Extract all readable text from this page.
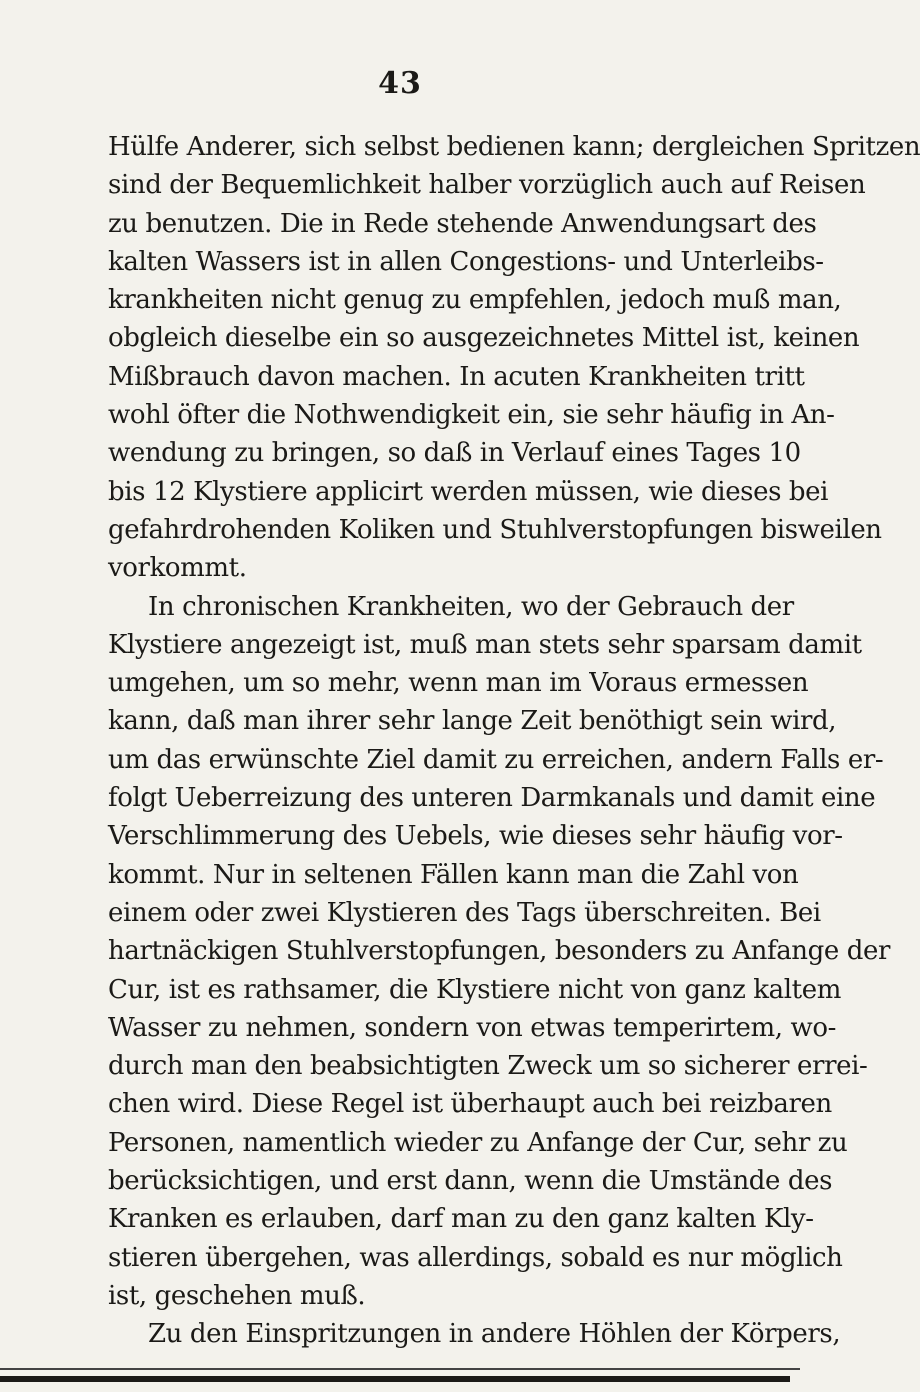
43
Hülfe Anderer, sich selbst bedienen kann; dergleichen Spritzen
sind der Bequemlichkeit halber vorzüglich auch auf Reisen
zu benutzen. Die in Rede stehende Anwendungsart des
kalten Wassers ist in allen Congestions- und Unterleibs-
krankheiten nicht genug zu empfehlen, jedoch muß man,
obgleich dieselbe ein so ausgezeichnetes Mittel ist, keinen
Mißbrauch davon machen. In acuten Krankheiten tritt
wohl öfter die Nothwendigkeit ein, sie sehr häufig in An-
wendung zu bringen, so daß in Verlauf eines Tages 10
bis 12 Klystiere applicirt werden müssen, wie dieses bei
gefahrdrohenden Koliken und Stuhlverstopfungen bisweilen
vorkommt.
In chronischen Krankheiten, wo der Gebrauch der
Klystiere angezeigt ist, muß man stets sehr sparsam damit
umgehen, um so mehr, wenn man im Voraus ermessen
kann, daß man ihrer sehr lange Zeit benöthigt sein wird,
um das erwünschte Ziel damit zu erreichen, andern Falls er-
folgt Ueberreizung des unteren Darmkanals und damit eine
Verschlimmerung des Uebels, wie dieses sehr häufig vor-
kommt. Nur in seltenen Fällen kann man die Zahl von
einem oder zwei Klystieren des Tags überschreiten. Bei
hartnäckigen Stuhlverstopfungen, besonders zu Anfange der
Cur, ist es rathsamer, die Klystiere nicht von ganz kaltem
Wasser zu nehmen, sondern von etwas temperirtem, wo-
durch man den beabsichtigten Zweck um so sicherer errei-
chen wird. Diese Regel ist überhaupt auch bei reizbaren
Personen, namentlich wieder zu Anfange der Cur, sehr zu
berücksichtigen, und erst dann, wenn die Umstände des
Kranken es erlauben, darf man zu den ganz kalten Kly-
stieren übergehen, was allerdings, sobald es nur möglich
ist, geschehen muß.
Zu den Einspritzungen in andere Höhlen der Körpers,
